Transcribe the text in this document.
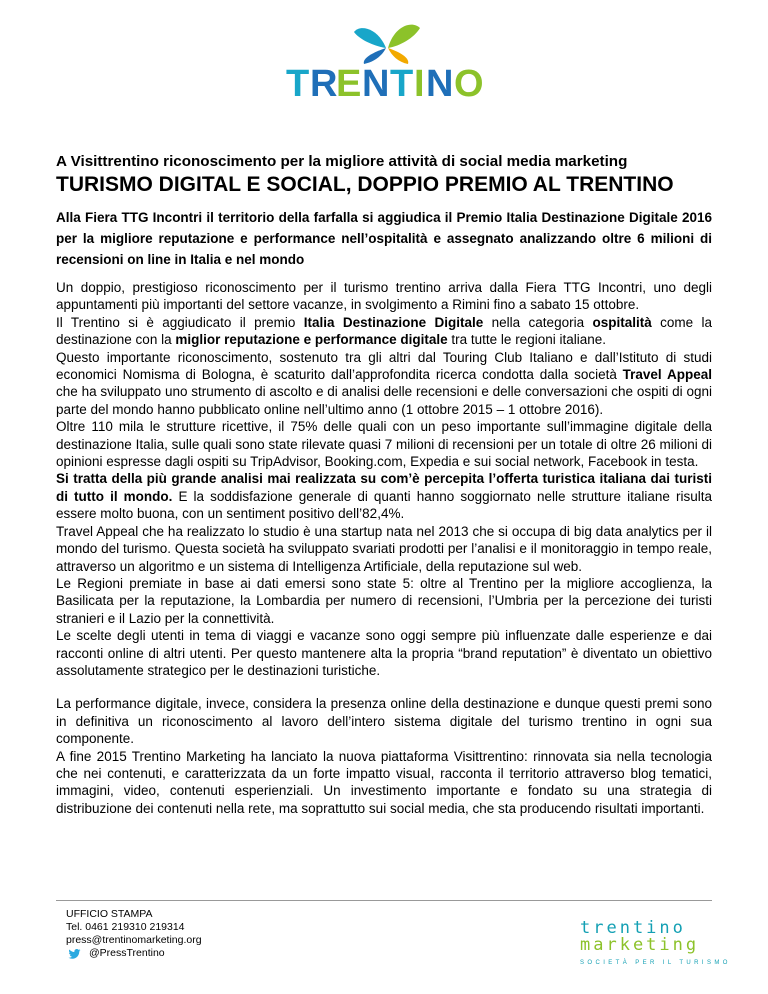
T R
E N T I N O
A Visittrentino riconoscimento per la migliore attività di social media marketing
TURISMO DIGITAL E SOCIAL, DOPPIO PREMIO AL TRENTINO
Alla Fiera TTG Incontri il territorio della farfalla si aggiudica il Premio Italia Destinazione Digitale 2016 per la migliore reputazione e performance nell’ospitalità e assegnato analizzando oltre 6 milioni di recensioni on line in Italia e nel mondo

Un doppio, prestigioso riconoscimento per il turismo trentino arriva dalla Fiera TTG Incontri, uno degli appuntamenti più importanti del settore vacanze, in svolgimento a Rimini fino a sabato 15 ottobre.

Il Trentino si è aggiudicato il premio Italia Destinazione Digitale nella categoria ospitalità come la destinazione con la miglior reputazione e performance digitale tra tutte le regioni italiane.

Questo importante riconoscimento, sostenuto tra gli altri dal Touring Club Italiano e dall’Istituto di studi economici Nomisma di Bologna, è scaturito dall’approfondita ricerca condotta dalla società Travel Appeal che ha sviluppato uno strumento di ascolto e di analisi delle recensioni e delle conversazioni che ospiti di ogni parte del mondo hanno pubblicato online nell’ultimo anno (1 ottobre 2015 – 1 ottobre 2016).

Oltre 110 mila le strutture ricettive, il 75% delle quali con un peso importante sull’immagine digitale della destinazione Italia, sulle quali sono state rilevate quasi 7 milioni di recensioni per un totale di oltre 26 milioni di opinioni espresse dagli ospiti su TripAdvisor, Booking.com, Expedia e sui social network, Facebook in testa.

Si tratta della più grande analisi mai realizzata su com’è percepita l’offerta turistica italiana dai turisti di tutto il mondo. E la soddisfazione generale di quanti hanno soggiornato nelle strutture italiane risulta essere molto buona, con un sentiment positivo dell’82,4%.

Travel Appeal che ha realizzato lo studio è una startup nata nel 2013 che si occupa di big data analytics per il mondo del turismo. Questa società ha sviluppato svariati prodotti per l’analisi e il monitoraggio in tempo reale, attraverso un algoritmo e un sistema di Intelligenza Artificiale, della reputazione sul web.

Le Regioni premiate in base ai dati emersi sono state 5: oltre al Trentino per la migliore accoglienza, la Basilicata per la reputazione, la Lombardia per numero di recensioni, l’Umbria per la percezione dei turisti stranieri e il Lazio per la connettività.

Le scelte degli utenti in tema di viaggi e vacanze sono oggi sempre più influenzate dalle esperienze e dai racconti online di altri utenti. Per questo mantenere alta la propria “brand reputation” è diventato un obiettivo assolutamente strategico per le destinazioni turistiche.

La performance digitale, invece, considera la presenza online della destinazione e dunque questi premi sono in definitiva un riconoscimento al lavoro dell’intero sistema digitale del turismo trentino in ogni sua componente.

A fine 2015 Trentino Marketing ha lanciato la nuova piattaforma Visittrentino: rinnovata sia nella tecnologia che nei contenuti, e caratterizzata da un forte impatto visual, racconta il territorio attraverso blog tematici, immagini, video, contenuti esperienziali. Un investimento importante e fondato su una strategia di distribuzione dei contenuti nella rete, ma soprattutto sui social media, che sta producendo risultati importanti.

UFFICIO STAMPA
Tel. 0461 219310 219314
press@trentinomarketing.org
@PressTrentino
trentino
marketing
SOCIETÀ PER IL TURISMO
